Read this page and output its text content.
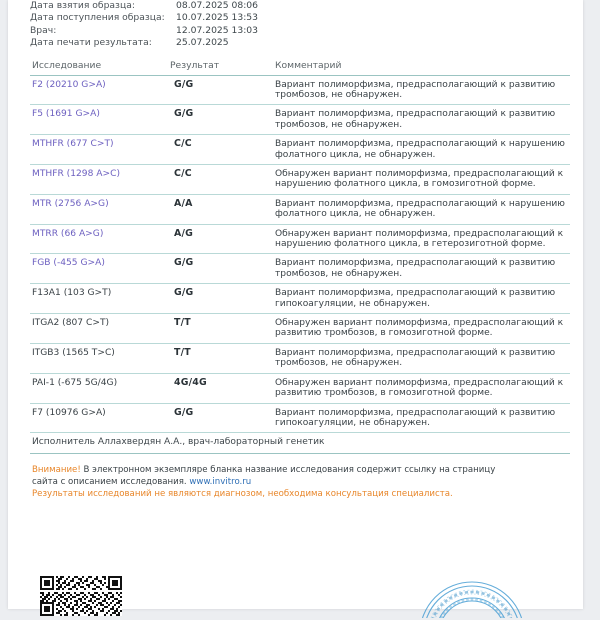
Дата взятия образца:	08.07.2025 08:06
Дата поступления образца:	10.07.2025 13:53
Врач:	12.07.2025 13:03
Дата печати результата:	25.07.2025
Исследование	Результат	Комментарий
F2 (20210 G>A)	G/G	Вариант полиморфизма, предрасполагающий к развитию тромбозов, не обнаружен.
F5 (1691 G>A)	G/G	Вариант полиморфизма, предрасполагающий к развитию тромбозов, не обнаружен.
MTHFR (677 C>T)	C/C	Вариант полиморфизма, предрасполагающий к нарушению фолатного цикла, не обнаружен.
MTHFR (1298 A>C)	C/C	Обнаружен вариант полиморфизма, предрасполагающий к нарушению фолатного цикла, в гомозиготной форме.
MTR (2756 A>G)	A/A	Вариант полиморфизма, предрасполагающий к нарушению фолатного цикла, не обнаружен.
MTRR (66 A>G)	A/G	Обнаружен вариант полиморфизма, предрасполагающий к нарушению фолатного цикла, в гетерозиготной форме.
FGB (-455 G>A)	G/G	Вариант полиморфизма, предрасполагающий к развитию тромбозов, не обнаружен.
F13A1 (103 G>T)	G/G	Вариант полиморфизма, предрасполагающий к развитию гипокоагуляции, не обнаружен.
ITGA2 (807 C>T)	T/T	Обнаружен вариант полиморфизма, предрасполагающий к развитию тромбозов, в гомозиготной форме.
ITGB3 (1565 T>C)	T/T	Вариант полиморфизма, предрасполагающий к развитию тромбозов, не обнаружен.
PAI-1 (-675 5G/4G)	4G/4G	Обнаружен вариант полиморфизма, предрасполагающий к развитию тромбозов, в гомозиготной форме.
F7 (10976 G>A)	G/G	Вариант полиморфизма, предрасполагающий к развитию гипокоагуляции, не обнаружен.
Исполнитель Аллахвердян А.А., врач-лабораторный генетик
Внимание! В электронном экземпляре бланка название исследования содержит ссылку на страницу сайта с описанием исследования. www.invitro.ru
Результаты исследований не являются диагнозом, необходима консультация специалиста.
